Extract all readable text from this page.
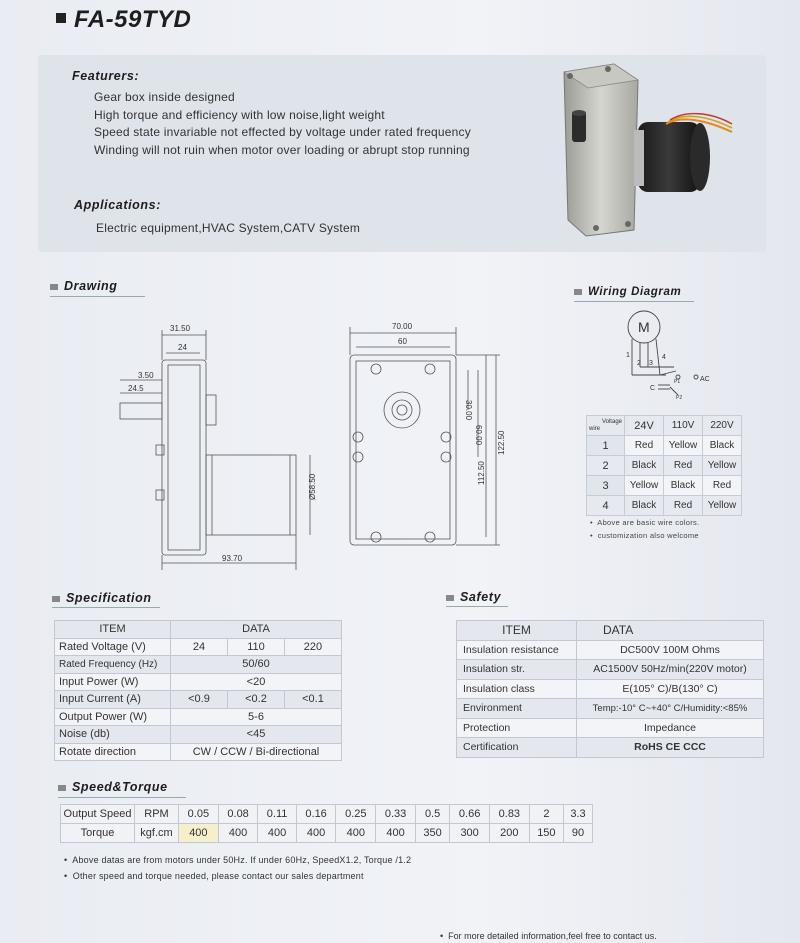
FA-59TYD
Featurers:
Gear box inside designed
High torque and efficiency with low noise,light weight
Speed state invariable not effected by voltage under rated frequency
Winding will not ruin when motor over loading or abrupt stop running
Applications:
Electric equipment,HVAC System,CATV System
Drawing	Wiring Diagram
31.50
24
3.50
24.5
93.70
Ø58.50
70.00
60
30.00
60.00
112.50
122.50
M
1
2 3
4
AC
C
P1
P2
Voltage
wire	24V	110V	220V
1	Red	Yellow	Black
2	Black	Red	Yellow
3	Yellow	Black	Red
4	Black	Red	Yellow
•  Above are basic wire colors.
•  customization also welcome
Specification
ITEM	DATA		
Rated Voltage (V)	24	110	220
Rated Frequency (Hz)	50/60		
Input Power (W)	<20		
Input Current (A)	<0.9	<0.2	<0.1
Output Power (W)	5-6		
Noise (db)	<45		
Rotate direction	CW / CCW / Bi-directional		
Safety
ITEM	DATA
Insulation resistance	DC500V 100M Ohms
Insulation str.	AC1500V 50Hz/min(220V motor)
Insulation class	E(105° C)/B(130° C)
Environment	Temp:-10° C~+40° C/Humidity:<85%
Protection	Impedance
Certification	RoHS CE CCC
Speed&Torque
Output Speed	RPM	0.05	0.08	0.11	0.16	0.25	0.33	0.5	0.66	0.83	2	3.3
Torque	kgf.cm	400	400	400	400	400	400	350	300	200	150	90
•  Above datas are from motors under 50Hz. If under 60Hz, SpeedX1.2, Torque /1.2
•  Other speed and torque needed, please contact our sales department
•  For more detailed information,feel free to contact us.
